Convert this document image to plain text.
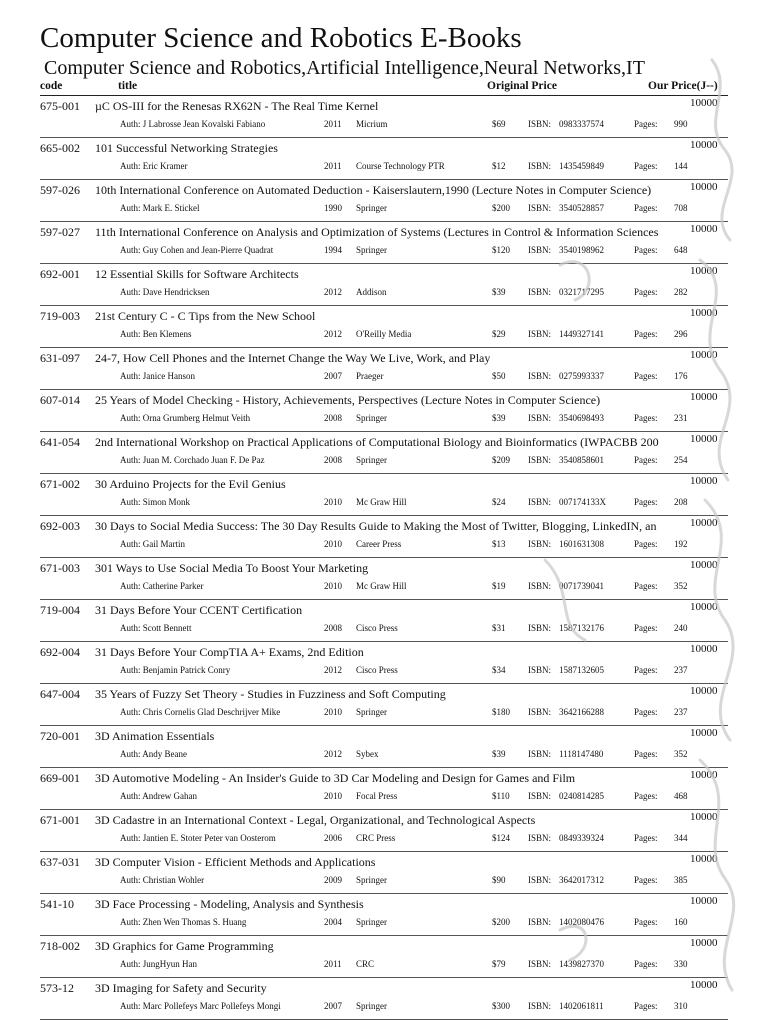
Computer Science and Robotics E-Books
Computer Science and Robotics,Artificial Intelligence,Neural Networks,IT
code	title	Original Price	Our Price(J--)
675-001 µC OS-III for the Renesas RX62N - The Real Time Kernel	10000
Auth: J Labrosse Jean Kovalski Fabiano	2011 Micrium	$69	ISBN: 0983337574	Pages: 990
665-002 101 Successful Networking Strategies	10000
Auth: Eric Kramer	2011 Course Technology PTR	$12	ISBN: 1435459849	Pages: 144
597-026 10th International Conference on Automated Deduction - Kaiserslautern,1990 (Lecture Notes in Computer Science)	10000
Auth: Mark E. Stickel	1990 Springer	$200 ISBN: 3540528857	Pages: 708
597-027 11th International Conference on Analysis and Optimization of Systems (Lectures in Control & Information Sciences	10000
Auth: Guy Cohen and Jean-Pierre Quadrat	1994 Springer	$120 ISBN: 3540198962	Pages: 648
692-001 12 Essential Skills for Software Architects	10000
Auth: Dave Hendricksen	2012 Addison	$39	ISBN: 0321717295	Pages: 282
719-003 21st Century C - C Tips from the New School	10000
Auth: Ben Klemens	2012 O'Reilly Media	$29	ISBN: 1449327141	Pages: 296
631-097 24-7, How Cell Phones and the Internet Change the Way We Live, Work, and Play	10000
Auth: Janice Hanson	2007 Praeger	$50	ISBN: 0275993337	Pages: 176
607-014 25 Years of Model Checking - History, Achievements, Perspectives (Lecture Notes in Computer Science)	10000
Auth: Orna Grumberg Helmut Veith	2008 Springer	$39	ISBN: 3540698493	Pages: 231
641-054 2nd International Workshop on Practical Applications of Computational Biology and Bioinformatics (IWPACBB 200	10000
Auth: Juan M. Corchado Juan F. De Paz	2008 Springer	$209 ISBN: 3540858601	Pages: 254
671-002 30 Arduino Projects for the Evil Genius	10000
Auth: Simon Monk	2010 Mc Graw Hill	$24	ISBN: 007174133X	Pages: 208
692-003 30 Days to Social Media Success: The 30 Day Results Guide to Making the Most of Twitter, Blogging, LinkedIN, an	10000
Auth: Gail Martin	2010 Career Press	$13	ISBN: 1601631308	Pages: 192
671-003 301 Ways to Use Social Media To Boost Your Marketing	10000
Auth: Catherine Parker	2010 Mc Graw Hill	$19	ISBN: 0071739041	Pages: 352
719-004 31 Days Before Your CCENT Certification	10000
Auth: Scott Bennett	2008 Cisco Press	$31	ISBN: 1587132176	Pages: 240
692-004 31 Days Before Your CompTIA A+ Exams, 2nd Edition	10000
Auth: Benjamin Patrick Conry	2012 Cisco Press	$34	ISBN: 1587132605	Pages: 237
647-004 35 Years of Fuzzy Set Theory - Studies in Fuzziness and Soft Computing	10000
Auth: Chris Cornelis Glad Deschrijver Mike	2010 Springer	$180 ISBN: 3642166288	Pages: 237
720-001 3D Animation Essentials	10000
Auth: Andy Beane	2012 Sybex	$39	ISBN: 1118147480	Pages: 352
669-001 3D Automotive Modeling - An Insider's Guide to 3D Car Modeling and Design for Games and Film	10000
Auth: Andrew Gahan	2010 Focal Press	$110 ISBN: 0240814285	Pages: 468
671-001 3D Cadastre in an International Context - Legal, Organizational, and Technological Aspects	10000
Auth: Jantien E. Stoter Peter van Oosterom	2006 CRC Press	$124 ISBN: 0849339324	Pages: 344
637-031 3D Computer Vision - Efficient Methods and Applications	10000
Auth: Christian Wohler	2009 Springer	$90	ISBN: 3642017312	Pages: 385
541-10 3D Face Processing - Modeling, Analysis and Synthesis	10000
Auth: Zhen Wen Thomas S. Huang	2004 Springer	$200 ISBN: 1402080476	Pages: 160
718-002 3D Graphics for Game Programming	10000
Auth: JungHyun Han	2011 CRC	$79	ISBN: 1439827370	Pages: 330
573-12 3D Imaging for Safety and Security	10000
Auth: Marc Pollefeys Marc Pollefeys Mongi	2007 Springer	$300 ISBN: 1402061811	Pages: 310
